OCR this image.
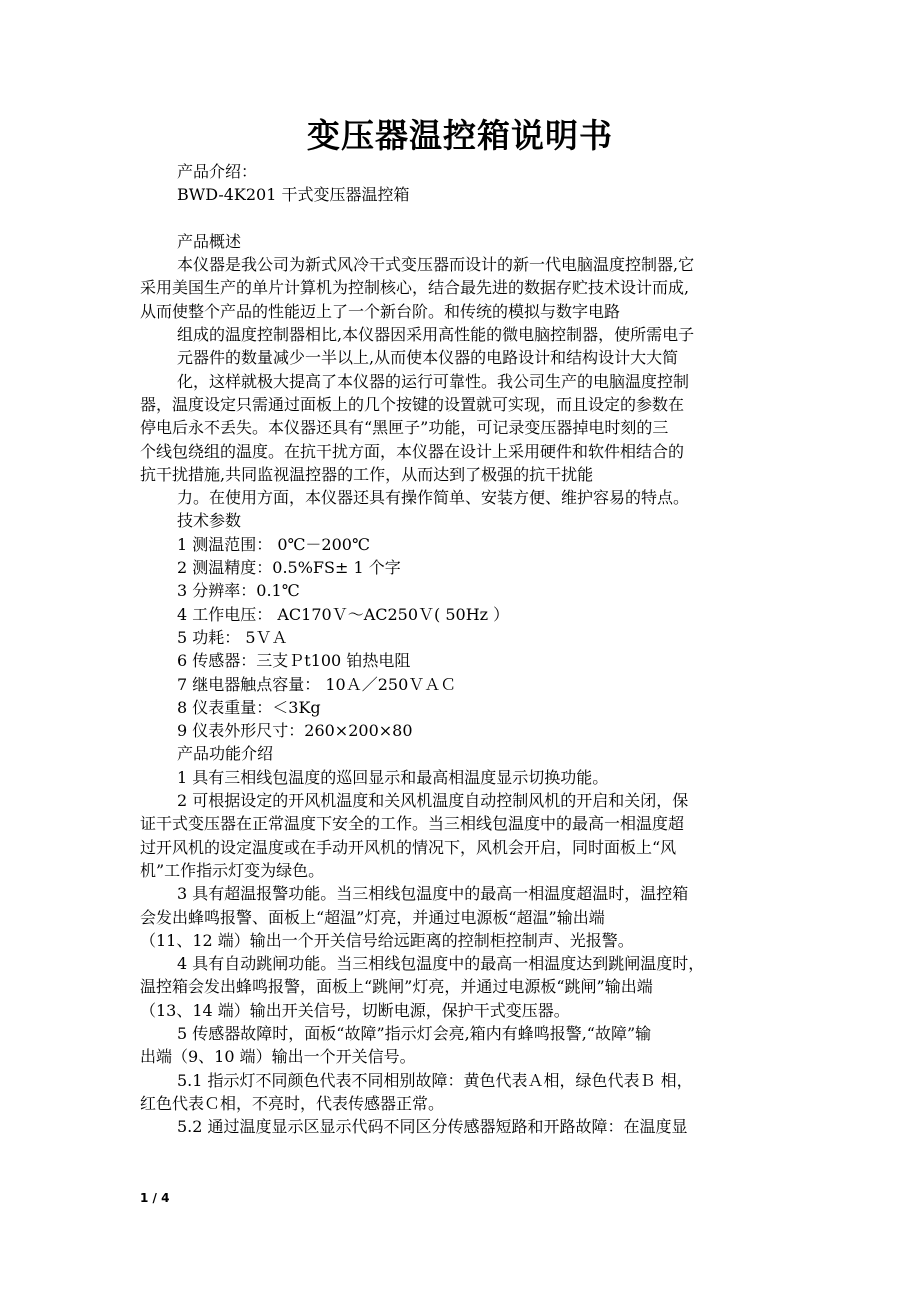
变压器温控箱说明书
产品介绍：
BWD-4K201 干式变压器温控箱
产品概述
本仪器是我公司为新式风冷干式变压器而设计的新一代电脑温度控制器,它
采用美国生产的单片计算机为控制核心，结合最先进的数据存贮技术设计而成,
从而使整个产品的性能迈上了一个新台阶。和传统的模拟与数字电路
组成的温度控制器相比,本仪器因采用高性能的微电脑控制器，使所需电子
元器件的数量减少一半以上,从而使本仪器的电路设计和结构设计大大简
化，这样就极大提高了本仪器的运行可靠性。我公司生产的电脑温度控制
器，温度设定只需通过面板上的几个按键的设置就可实现，而且设定的参数在
停电后永不丢失。本仪器还具有“黑匣子”功能，可记录变压器掉电时刻的三
个线包绕组的温度。在抗干扰方面，本仪器在设计上采用硬件和软件相结合的
抗干扰措施,共同监视温控器的工作，从而达到了极强的抗干扰能
力。在使用方面，本仪器还具有操作简单、安装方便、维护容易的特点。
技术参数
1 测温范围： 0℃－200℃
2 测温精度：0.5%FS± 1 个字
3 分辨率：0.1℃
4 工作电压： AC170Ｖ～AC250Ｖ( 50Hz ）
5 功耗： 5ＶＡ
6 传感器：三支Ｐt100 铂热电阻
7 继电器触点容量： 10Ａ／250ＶＡＣ
8 仪表重量：＜3Kg
9 仪表外形尺寸：260×200×80
产品功能介绍
1 具有三相线包温度的巡回显示和最高相温度显示切换功能。
2 可根据设定的开风机温度和关风机温度自动控制风机的开启和关闭，保
证干式变压器在正常温度下安全的工作。当三相线包温度中的最高一相温度超
过开风机的设定温度或在手动开风机的情况下，风机会开启，同时面板上“风
机”工作指示灯变为绿色。
3 具有超温报警功能。当三相线包温度中的最高一相温度超温时，温控箱
会发出蜂鸣报警、面板上“超温”灯亮，并通过电源板“超温”输出端
（11、12 端）输出一个开关信号给远距离的控制柜控制声、光报警。
4 具有自动跳闸功能。当三相线包温度中的最高一相温度达到跳闸温度时，
温控箱会发出蜂鸣报警，面板上“跳闸”灯亮，并通过电源板“跳闸”输出端
（13、14 端）输出开关信号，切断电源，保护干式变压器。
5 传感器故障时，面板“故障”指示灯会亮,箱内有蜂鸣报警,“故障”输
出端（9、10 端）输出一个开关信号。
5.1 指示灯不同颜色代表不同相别故障：黄色代表Ａ相，绿色代表Ｂ 相，
红色代表Ｃ相，不亮时，代表传感器正常。
5.2 通过温度显示区显示代码不同区分传感器短路和开路故障：在温度显
1 / 4
